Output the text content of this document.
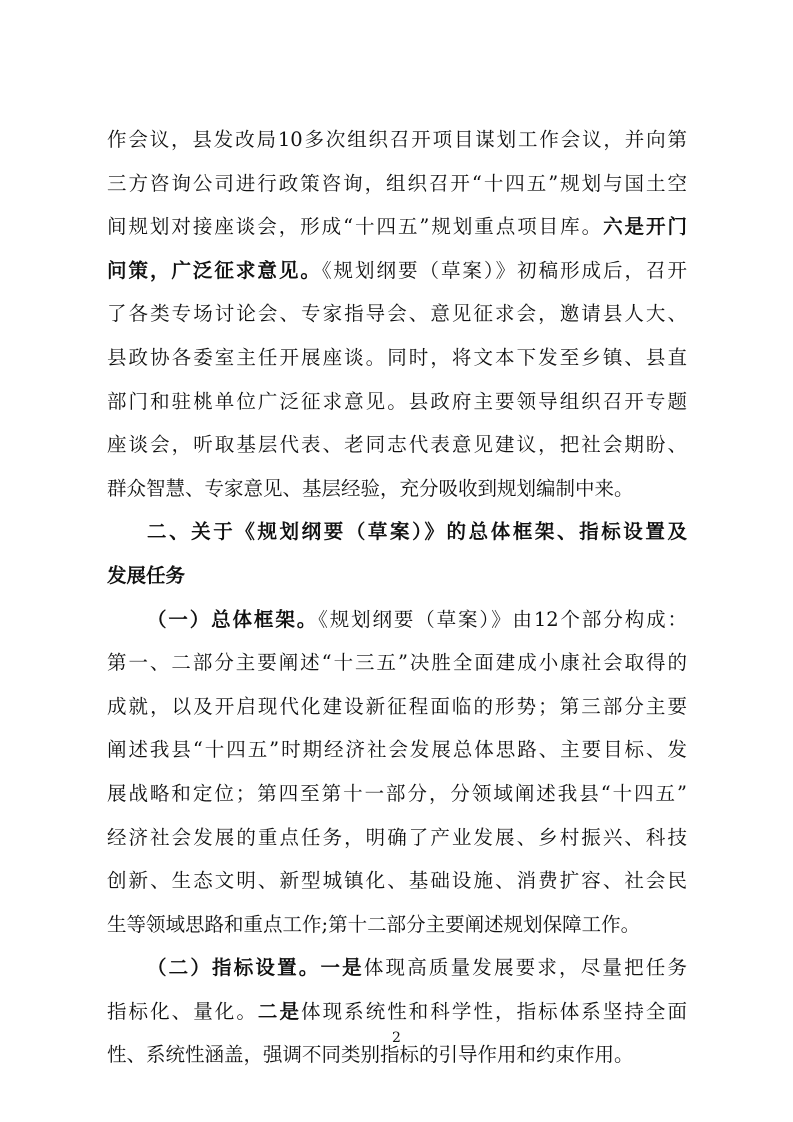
作会议，县发改局10多次组织召开项目谋划工作会议，并向第
三方咨询公司进行政策咨询，组织召开“十四五”规划与国土空
间规划对接座谈会，形成“十四五”规划重点项目库。六是开门
问策，广泛征求意见。《规划纲要（草案）》初稿形成后，召开
了各类专场讨论会、专家指导会、意见征求会，邀请县人大、
县政协各委室主任开展座谈。同时，将文本下发至乡镇、县直
部门和驻桃单位广泛征求意见。县政府主要领导组织召开专题
座谈会，听取基层代表、老同志代表意见建议，把社会期盼、
群众智慧、专家意见、基层经验，充分吸收到规划编制中来。
二、关于《规划纲要（草案）》的总体框架、指标设置及
发展任务
（一）总体框架。《规划纲要（草案）》由12个部分构成：
第一、二部分主要阐述“十三五”决胜全面建成小康社会取得的
成就，以及开启现代化建设新征程面临的形势；第三部分主要
阐述我县“十四五”时期经济社会发展总体思路、主要目标、发
展战略和定位；第四至第十一部分，分领域阐述我县“十四五”
经济社会发展的重点任务，明确了产业发展、乡村振兴、科技
创新、生态文明、新型城镇化、基础设施、消费扩容、社会民
生等领域思路和重点工作;第十二部分主要阐述规划保障工作。
（二）指标设置。一是体现高质量发展要求，尽量把任务
指标化、量化。二是体现系统性和科学性，指标体系坚持全面
性、系统性涵盖，强调不同类别指标的引导作用和约束作用。
2
